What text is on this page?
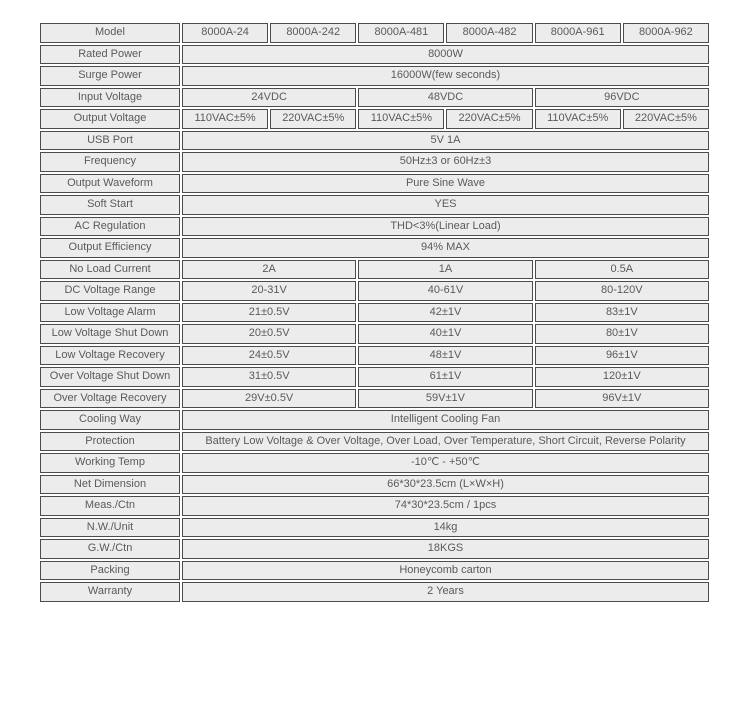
Model	8000A-24	8000A-242	8000A-481	8000A-482	8000A-961	8000A-962
Rated Power	8000W					
Surge Power	16000W(few seconds)					
Input Voltage	24VDC		48VDC		96VDC	
Output Voltage	110VAC±5%	220VAC±5%	110VAC±5%	220VAC±5%	110VAC±5%	220VAC±5%
USB Port	5V 1A					
Frequency	50Hz±3 or 60Hz±3					
Output Waveform	Pure Sine Wave					
Soft Start	YES					
AC Regulation	THD<3%(Linear Load)					
Output Efficiency	94% MAX					
No Load Current	2A		1A		0.5A	
DC Voltage Range	20-31V		40-61V		80-120V	
Low Voltage Alarm	21±0.5V		42±1V		83±1V	
Low Voltage Shut Down	20±0.5V		40±1V		80±1V	
Low Voltage Recovery	24±0.5V		48±1V		96±1V	
Over Voltage Shut Down	31±0.5V		61±1V		120±1V	
Over Voltage Recovery	29V±0.5V		59V±1V		96V±1V	
Cooling Way	Intelligent Cooling Fan					
Protection	Battery Low Voltage & Over Voltage, Over Load, Over Temperature, Short Circuit, Reverse Polarity					
Working Temp	-10℃ - +50℃					
Net Dimension	66*30*23.5cm (L×W×H)					
Meas./Ctn	74*30*23.5cm / 1pcs					
N.W./Unit	14kg					
G.W./Ctn	18KGS					
Packing	Honeycomb carton					
Warranty	2 Years					
